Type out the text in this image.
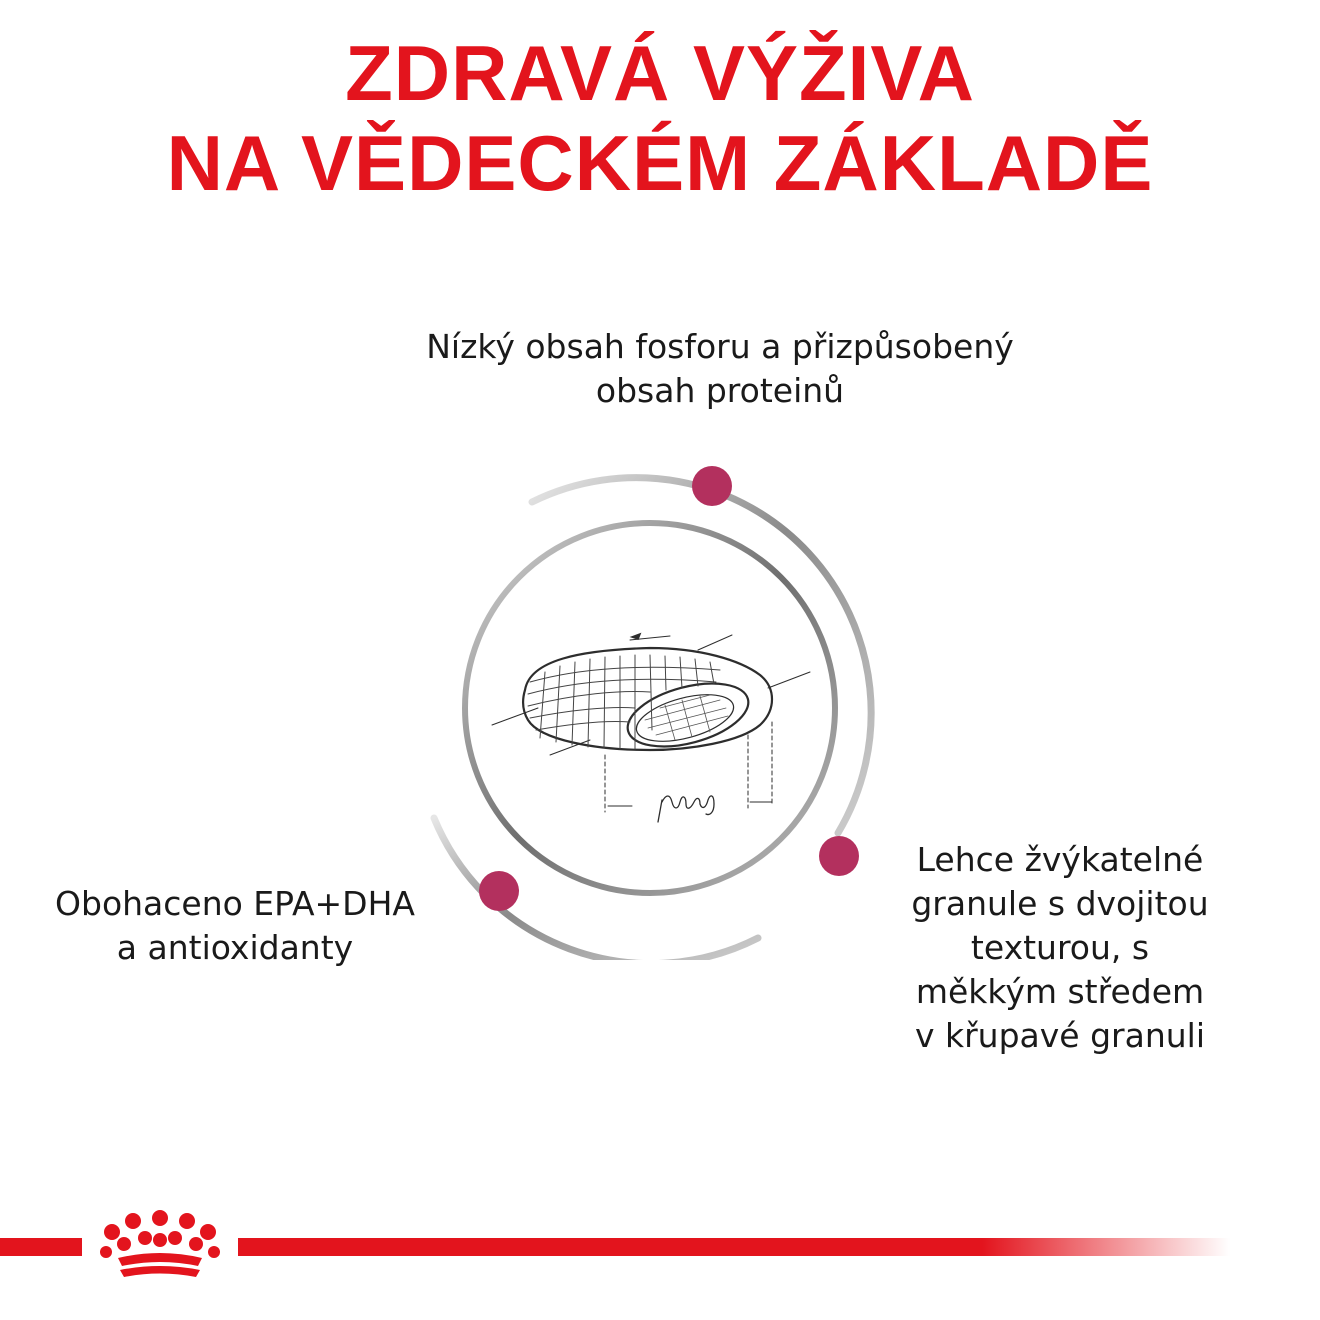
ZDRAVÁ VÝŽIVA
NA VĚDECKÉM ZÁKLADĚ
Nízký obsah fosforu a přizpůsobený
obsah proteinů
Obohaceno EPA+DHA
a antioxidanty
Lehce žvýkatelné
granule s dvojitou
texturou, s
měkkým středem
v křupavé granuli
